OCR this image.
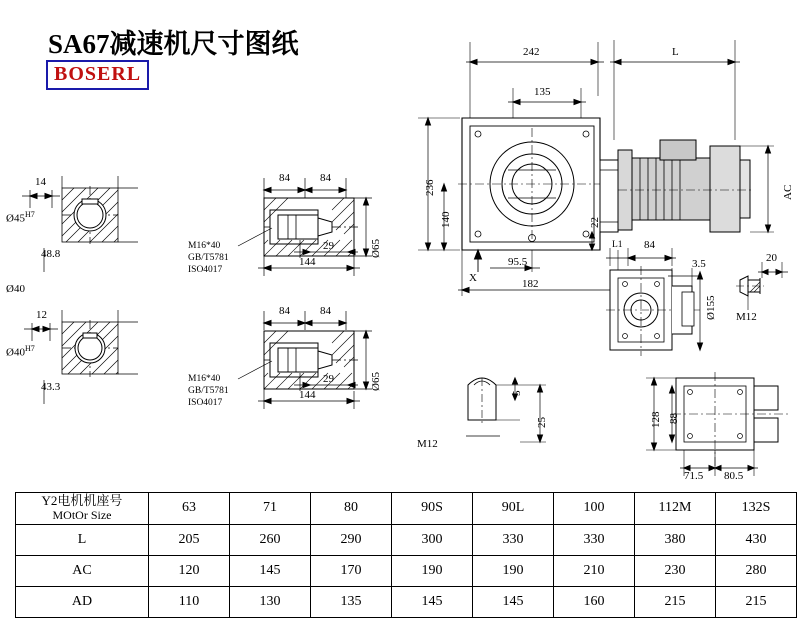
SA67减速机尺寸图纸
BOSERL
14
$Ø45^{H7}$
48.8
Ø40
12
$Ø40^{H7}$
43.3
84	84
29
144
Ø65
M16*40
GB/T5781
ISO4017
84	84
29
144
Ø65
M16*40
GB/T5781
ISO4017
242	L
135
236
140	22
AC
95.5
182
X
L1 84
3.5
Ø155
20
M12
5
25
M12
128 88
71.5 80.5
Y2电机机座号
MOtOr Size	63	71	80	90S	90L	100	112M	132S
L	205	260	290	300	330	330	380	430
AC	120	145	170	190	190	210	230	280
AD	110	130	135	145	145	160	215	215
